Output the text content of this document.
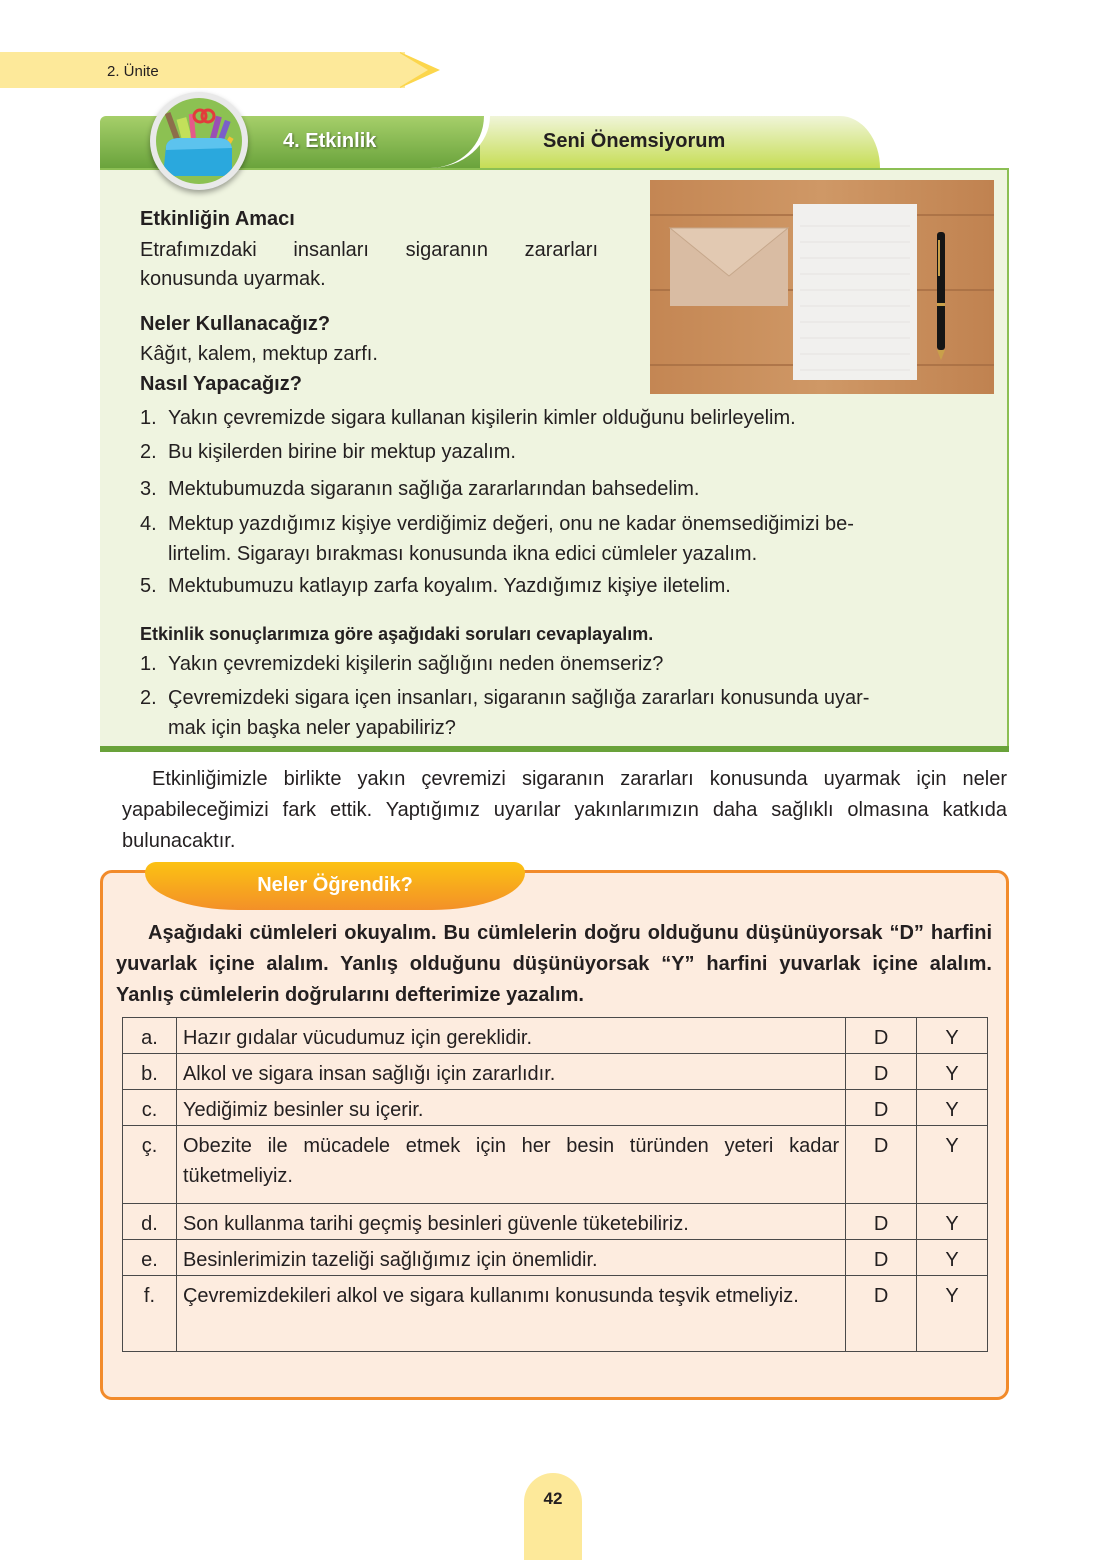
2. Ünite
4. Etkinlik	Seni Önemsiyorum
Etkinliğin Amacı
Etrafımızdaki insanları sigaranın zararları
konusunda uyarmak.
Neler Kullanacağız?
Kâğıt, kalem, mektup zarfı.
Nasıl Yapacağız?
1. Yakın çevremizde sigara kullanan kişilerin kimler olduğunu belirleyelim.
2. Bu kişilerden birine bir mektup yazalım.
3. Mektubumuzda sigaranın sağlığa zararlarından bahsedelim.
4. Mektup yazdığımız kişiye verdiğimiz değeri, onu ne kadar önemsediğimizi be-
lirtelim. Sigarayı bırakması konusunda ikna edici cümleler yazalım.
5. Mektubumuzu katlayıp zarfa koyalım. Yazdığımız kişiye iletelim.
Etkinlik sonuçlarımıza göre aşağıdaki soruları cevaplayalım.
1. Yakın çevremizdeki kişilerin sağlığını neden önemseriz?
2. Çevremizdeki sigara içen insanları, sigaranın sağlığa zararları konusunda uyar-
mak için başka neler yapabiliriz?

Etkinliğimizle birlikte yakın çevremizi sigaranın zararları konusunda uyarmak için neler yapabileceğimizi fark ettik. Yaptığımız uyarılar yakınlarımızın daha sağlıklı olmasına katkıda bulunacaktır.

Neler Öğrendik?

Aşağıdaki cümleleri okuyalım. Bu cümlelerin doğru olduğunu düşünüyorsak “D” harfini yuvarlak içine alalım. Yanlış olduğunu düşünüyorsak “Y” harfini yuvarlak içine alalım. Yanlış cümlelerin doğrularını defterimize yazalım.

a.	Hazır gıdalar vücudumuz için gereklidir.	D	Y
b.	Alkol ve sigara insan sağlığı için zararlıdır.	D	Y
c.	Yediğimiz besinler su içerir.	D	Y
ç.	Obezite ile mücadele etmek için her besin türünden yeteri kadar tüketmeliyiz.	D	Y
d.	Son kullanma tarihi geçmiş besinleri güvenle tüketebiliriz.	D	Y
e.	Besinlerimizin tazeliği sağlığımız için önemlidir.	D	Y
f.	Çevremizdekileri alkol ve sigara kullanımı konusunda teşvik etmeliyiz.	D	Y
42
